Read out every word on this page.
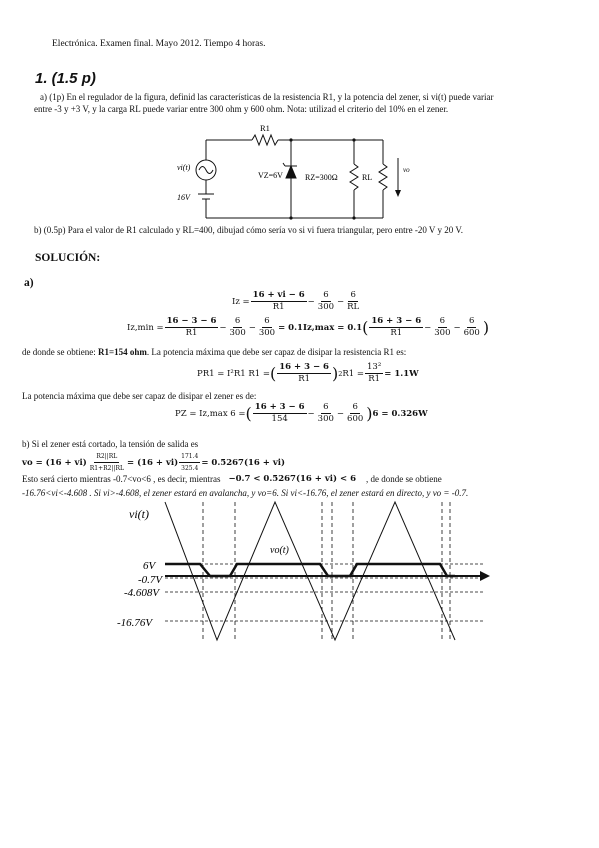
Electrónica. Examen final. Mayo 2012. Tiempo 4 horas.
1. (1.5 p)
a) (1p) En el regulador de la figura, definid las características de la resistencia R1, y la potencia del zener, si vi(t) puede variar
entre -3 y +3 V, y la carga RL puede variar entre 300 ohm y 600 ohm. Nota: utilizad el criterio del 10% en el zener.
R1
vi(t)
16V
VZ=6V	RZ=300Ω	RL
vo
b) (0.5p) Para el valor de R1 calculado y RL=400, dibujad cómo sería vo si vi fuera triangular, pero entre -20 V y 20 V.
SOLUCIÓN:
a)
$Iz = \frac{16 + vi - 6}{R1} - \frac{6}{300} - \frac{6}{RL}$
$Iz,\min = \frac{16 - 3 - 6}{R1} - \frac{6}{300} - \frac{6}{300} = 0.1Iz,\max = 0.1$ ( $\frac{16 + 3 - 6}{R1} - \frac{6}{300} - \frac{6}{600}$ )
de donde se obtiene: R1=154 ohm. La potencia máxima que debe ser capaz de disipar la resistencia R1 es:
PR1 = I²R1 R1 = ( $\frac{16 + 3 - 6}{R1}$ ) 2 $R1 = \frac{\text{13²}}{R1} = 1.1W$
La potencia máxima que debe ser capaz de disipar el zener es de:
PZ = Iz,max 6 = ( $\frac{16 + 3 - 6}{154} - \frac{6}{300} - \frac{6}{600}$ ) 6 = 0.326W
b) Si el zener está cortado, la tensión de salida es
vo = $(16 + vi) \frac{R2||RL}{R1+R2||RL} = (16 + vi) \frac{171.4}{325.4} = 0.5267(16 + vi)$
Esto será cierto mientras -0.7<vo<6 , es decir, mientras −0.7 < 0.5267(16 + vi) < 6 , de donde se obtiene
-16.76<vi<-4.608 . Si vi>-4.608, el zener estará en avalancha, y vo=6. Si vi<-16.76, el zener estará en directo, y vo = -0.7.
vi(t)
vo(t)
6V
-0.7V
-4.608V
-16.76V
